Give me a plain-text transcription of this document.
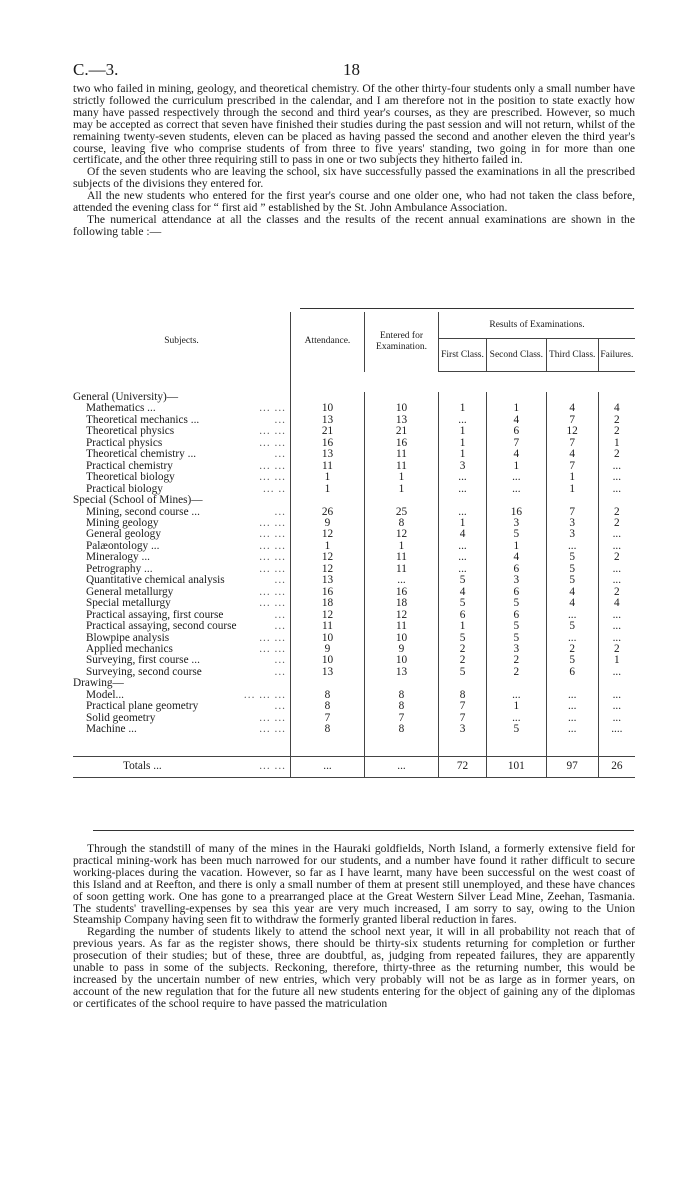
C.—3.	18

two who failed in mining, geology, and theoretical chemistry. Of the other thirty-four students only a small number have strictly followed the curriculum prescribed in the calendar, and I am therefore not in the position to state exactly how many have passed respectively through the second and third year's courses, as they are prescribed. However, so much may be accepted as correct that seven have finished their studies during the past session and will not return, whilst of the remaining twenty-seven students, eleven can be placed as having passed the second and another eleven the third year's course, leaving five who comprise students of from three to five years' standing, two going in for more than one certificate, and the other three requiring still to pass in one or two subjects they hitherto failed in.

Of the seven students who are leaving the school, six have successfully passed the examinations in all the prescribed subjects of the divisions they entered for.

All the new students who entered for the first year's course and one older one, who had not taken the class before, attended the evening class for “ first aid ” established by the St. John Ambulance Association.

The numerical attendance at all the classes and the results of the recent annual examinations are shown in the following table :—

Subjects.	Attendance.	Entered for Examination.	Results of Examinations.			
			First Class.	Second Class.	Third Class.	Failures.

General (University)—						

Mathematics ... ... ...	10	10	1	1	4	4

Theoretical mechanics ... ...	13	13	...	4	7	2

Theoretical physics ... ...	21	21	1	6	12	2

Practical physics ... ...	16	16	1	7	7	1

Theoretical chemistry ... ...	13	11	1	4	4	2

Practical chemistry ... ...	11	11	3	1	7	...

Theoretical biology ... ...	1	1	...	...	1	...

Practical biology ... ..	1	1	...	...	1	...

Special (School of Mines)—						

Mining, second course ... ...	26	25	...	16	7	2

Mining geology ... ...	9	8	1	3	3	2

General geology ... ...	12	12	4	5	3	...

Palæontology ... ... ...	1	1	...	1	...	...

Mineralogy ... ... ...	12	11	...	4	5	2

Petrography ... ... ...	12	11	...	6	5	...

Quantitative chemical analysis ...	13	...	5	3	5	...

General metallurgy ... ...	16	16	4	6	4	2

Special metallurgy ... ...	18	18	5	5	4	4

Practical assaying, first course ...	12	12	6	6	...	...

Practical assaying, second course ...	11	11	1	5	5	...

Blowpipe analysis ... ...	10	10	5	5	...	...

Applied mechanics ... ...	9	9	2	3	2	2

Surveying, first course ... ...	10	10	2	2	5	1

Surveying, second course ...	13	13	5	2	6	...

Drawing—						

Model... ... ... ...	8	8	8	...	...	...

Practical plane geometry ...	8	8	7	1	...	...

Solid geometry ... ...	7	7	7	...	...	...

Machine ... ... ...	8	8	3	5	...	....

Totals ... ... ...	...	...	72	101	97	26

Through the standstill of many of the mines in the Hauraki goldfields, North Island, a formerly extensive field for practical mining-work has been much narrowed for our students, and a number have found it rather difficult to secure working-places during the vacation. However, so far as I have learnt, many have been successful on the west coast of this Island and at Reefton, and there is only a small number of them at present still unemployed, and these have chances of soon getting work. One has gone to a prearranged place at the Great Western Silver Lead Mine, Zeehan, Tasmania. The students' travelling-expenses by sea this year are very much increased, I am sorry to say, owing to the Union Steamship Company having seen fit to withdraw the formerly granted liberal reduction in fares.

Regarding the number of students likely to attend the school next year, it will in all probability not reach that of previous years. As far as the register shows, there should be thirty-six students returning for completion or further prosecution of their studies; but of these, three are doubtful, as, judging from repeated failures, they are apparently unable to pass in some of the subjects. Reckoning, therefore, thirty-three as the returning number, this would be increased by the uncertain number of new entries, which very probably will not be as large as in former years, on account of the new regulation that for the future all new students entering for the object of gaining any of the diplomas or certificates of the school require to have passed the matriculation
